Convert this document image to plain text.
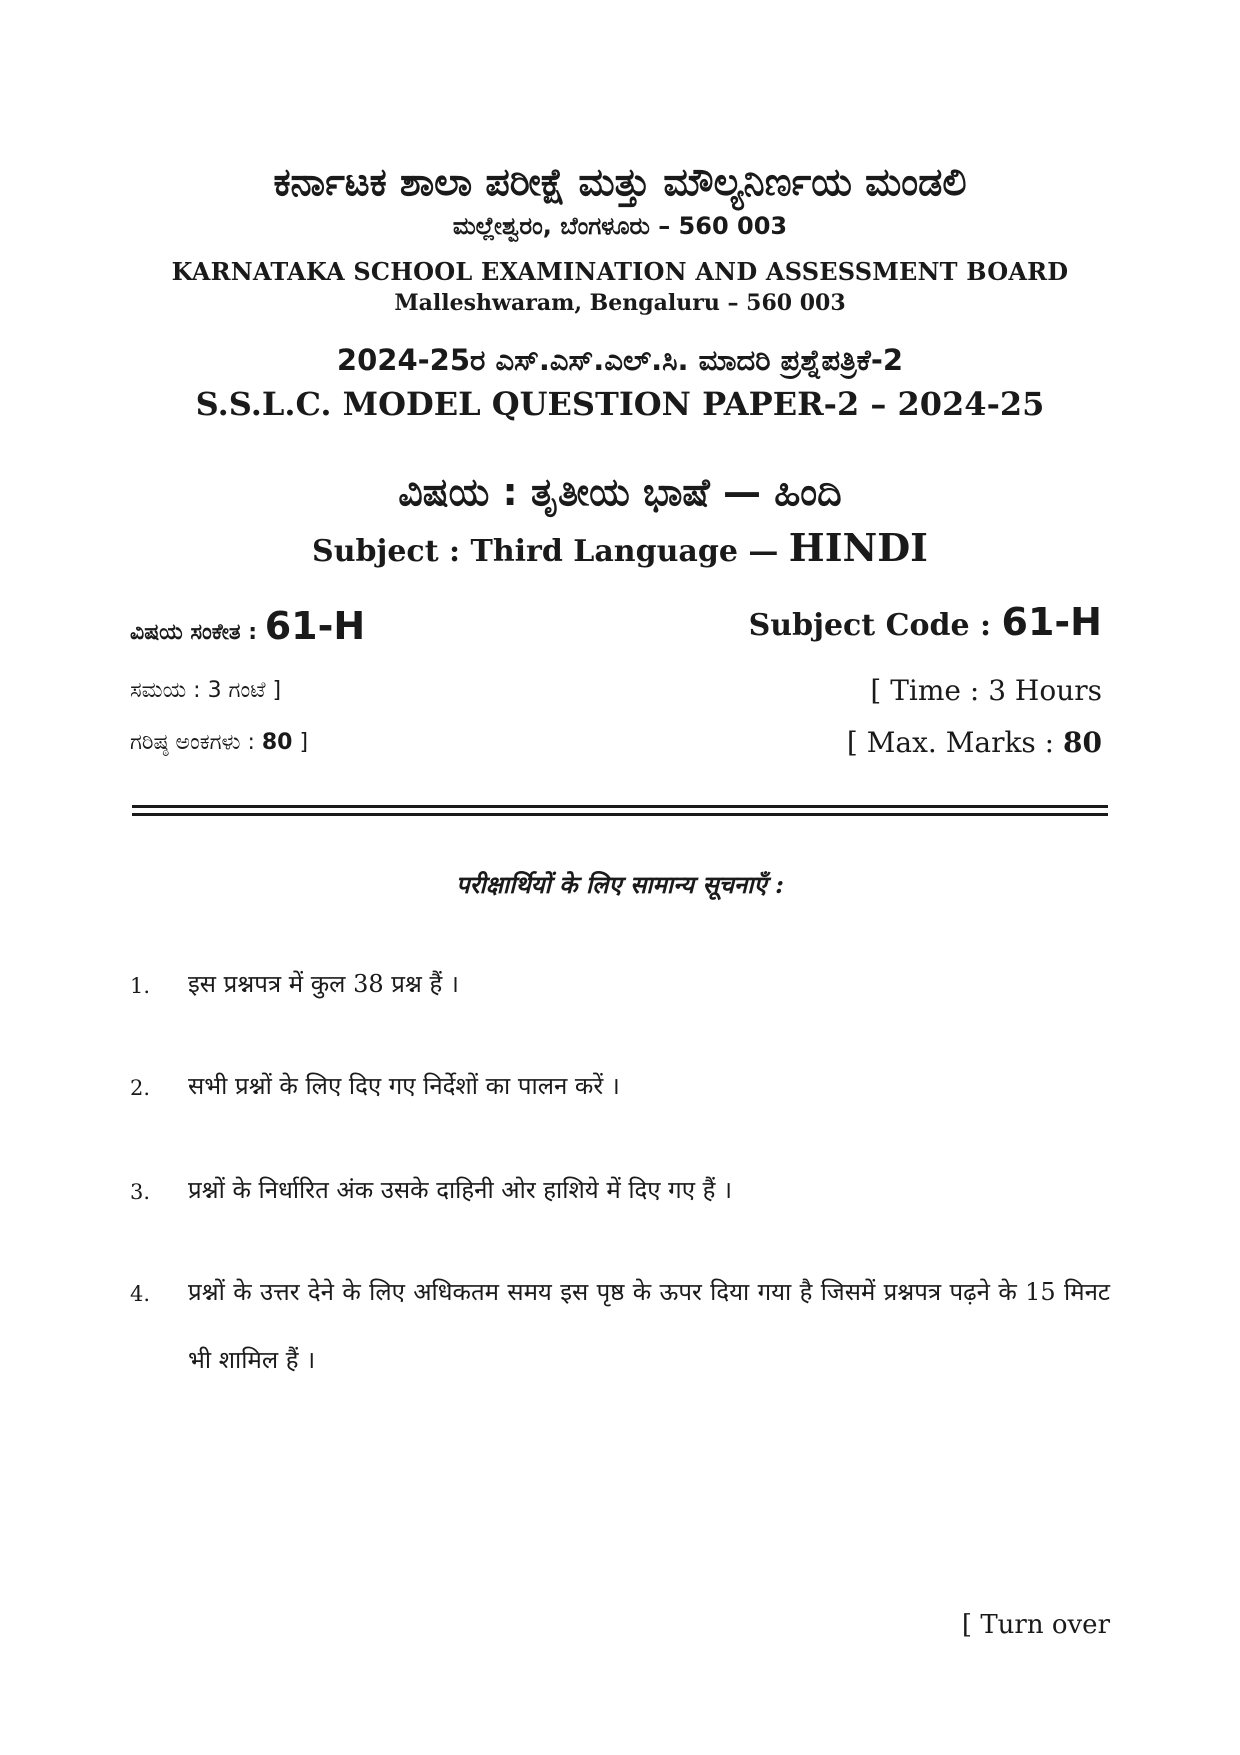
ಕರ್ನಾಟಕ ಶಾಲಾ ಪರೀಕ್ಷೆ ಮತ್ತು ಮೌಲ್ಯನಿರ್ಣಯ ಮಂಡಲಿ
ಮಲ್ಲೇಶ್ವರಂ, ಬೆಂಗಳೂರು – 560 003
KARNATAKA SCHOOL EXAMINATION AND ASSESSMENT BOARD
Malleshwaram, Bengaluru – 560 003
2024-25ರ ಎಸ್.ಎಸ್.ಎಲ್.ಸಿ. ಮಾದರಿ ಪ್ರಶ್ನೆಪತ್ರಿಕೆ-2
S.S.L.C. MODEL QUESTION PAPER-2 – 2024-25
ವಿಷಯ : ತೃತೀಯ ಭಾಷೆ — ಹಿಂದಿ
Subject : Third Language — HINDI
ವಿಷಯ ಸಂಕೇತ : 61-H	Subject Code : 61-H
ಸಮಯ : 3 ಗಂಟೆ ]	[ Time : 3 Hours
ಗರಿಷ್ಠ ಅಂಕಗಳು : 80 ]	[ Max. Marks : 80
परीक्षार्थियों के लिए सामान्य सूचनाएँ :
1. इस प्रश्नपत्र में कुल 38 प्रश्न हैं ।
2. सभी प्रश्नों के लिए दिए गए निर्देशों का पालन करें ।
3. प्रश्नों के निर्धारित अंक उसके दाहिनी ओर हाशिये में दिए गए हैं ।
4. प्रश्नों के उत्तर देने के लिए अधिकतम समय इस पृष्ठ के ऊपर दिया गया है जिसमें प्रश्नपत्र पढ़ने के 15 मिनट भी शामिल हैं ।
[ Turn over
